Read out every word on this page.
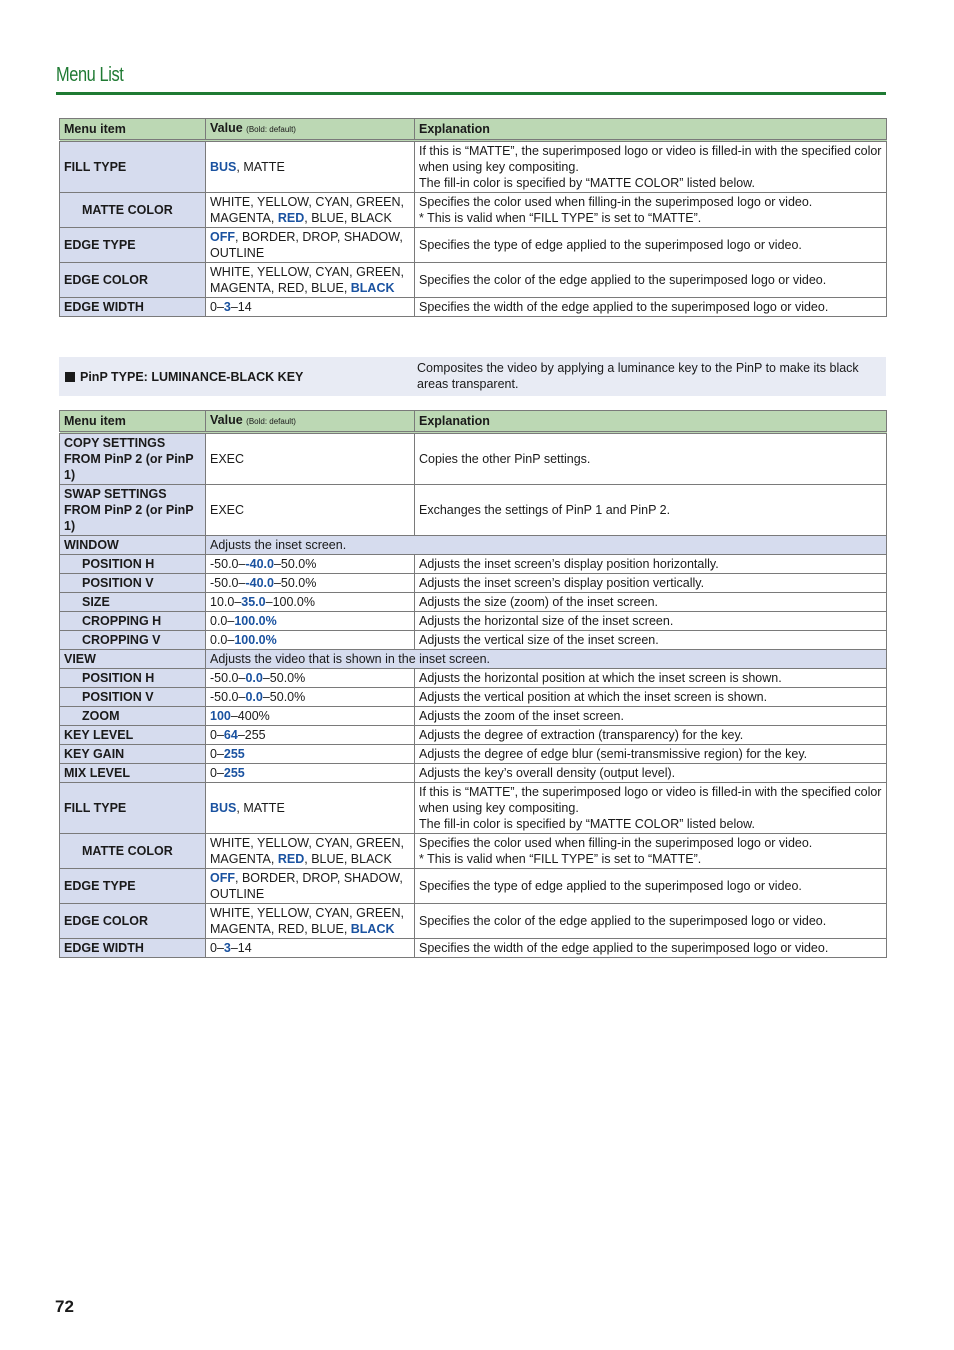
Menu List
Menu item	Value (Bold: default)	Explanation
FILL TYPE	BUS, MATTE	If this is “MATTE”, the superimposed logo or video is filled-in with the specified color when using key compositing.
The fill-in color is specified by “MATTE COLOR” listed below.

MATTE COLOR	WHITE, YELLOW, CYAN, GREEN, MAGENTA, RED, BLUE, BLACK	Specifies the color used when filling-in the superimposed logo or video.
* This is valid when “FILL TYPE” is set to “MATTE”.

EDGE TYPE	OFF, BORDER, DROP, SHADOW, OUTLINE	Specifies the type of edge applied to the superimposed logo or video.

EDGE COLOR	WHITE, YELLOW, CYAN, GREEN, MAGENTA, RED, BLUE, BLACK	Specifies the color of the edge applied to the superimposed logo or video.

EDGE WIDTH	0–3–14	Specifies the width of the edge applied to the superimposed logo or video.
PinP TYPE: LUMINANCE-BLACK KEY
Composites the video by applying a luminance key to the PinP to make its black areas transparent.
Menu item	Value (Bold: default)	Explanation
COPY SETTINGS FROM PinP 2 (or PinP 1)	EXEC	Copies the other PinP settings.

SWAP SETTINGS FROM PinP 2 (or PinP 1)	EXEC	Exchanges the settings of PinP 1 and PinP 2.

WINDOW	Adjusts the inset screen.	
POSITION H	-50.0–-40.0–50.0%	Adjusts the inset screen’s display position horizontally.

POSITION V	-50.0–-40.0–50.0%	Adjusts the inset screen’s display position vertically.

SIZE	10.0–35.0–100.0%	Adjusts the size (zoom) of the inset screen.

CROPPING H	0.0–100.0%	Adjusts the horizontal size of the inset screen.

CROPPING V	0.0–100.0%	Adjusts the vertical size of the inset screen.

VIEW	Adjusts the video that is shown in the inset screen.	
POSITION H	-50.0–0.0–50.0%	Adjusts the horizontal position at which the inset screen is shown.

POSITION V	-50.0–0.0–50.0%	Adjusts the vertical position at which the inset screen is shown.

ZOOM	100–400%	Adjusts the zoom of the inset screen.

KEY LEVEL	0–64–255	Adjusts the degree of extraction (transparency) for the key.

KEY GAIN	0–255	Adjusts the degree of edge blur (semi-transmissive region) for the key.

MIX LEVEL	0–255	Adjusts the key’s overall density (output level).

FILL TYPE	BUS, MATTE	If this is “MATTE”, the superimposed logo or video is filled-in with the specified color when using key compositing.
The fill-in color is specified by “MATTE COLOR” listed below.

MATTE COLOR	WHITE, YELLOW, CYAN, GREEN, MAGENTA, RED, BLUE, BLACK	Specifies the color used when filling-in the superimposed logo or video.
* This is valid when “FILL TYPE” is set to “MATTE”.

EDGE TYPE	OFF, BORDER, DROP, SHADOW, OUTLINE	Specifies the type of edge applied to the superimposed logo or video.

EDGE COLOR	WHITE, YELLOW, CYAN, GREEN, MAGENTA, RED, BLUE, BLACK	Specifies the color of the edge applied to the superimposed logo or video.

EDGE WIDTH	0–3–14	Specifies the width of the edge applied to the superimposed logo or video.
72
